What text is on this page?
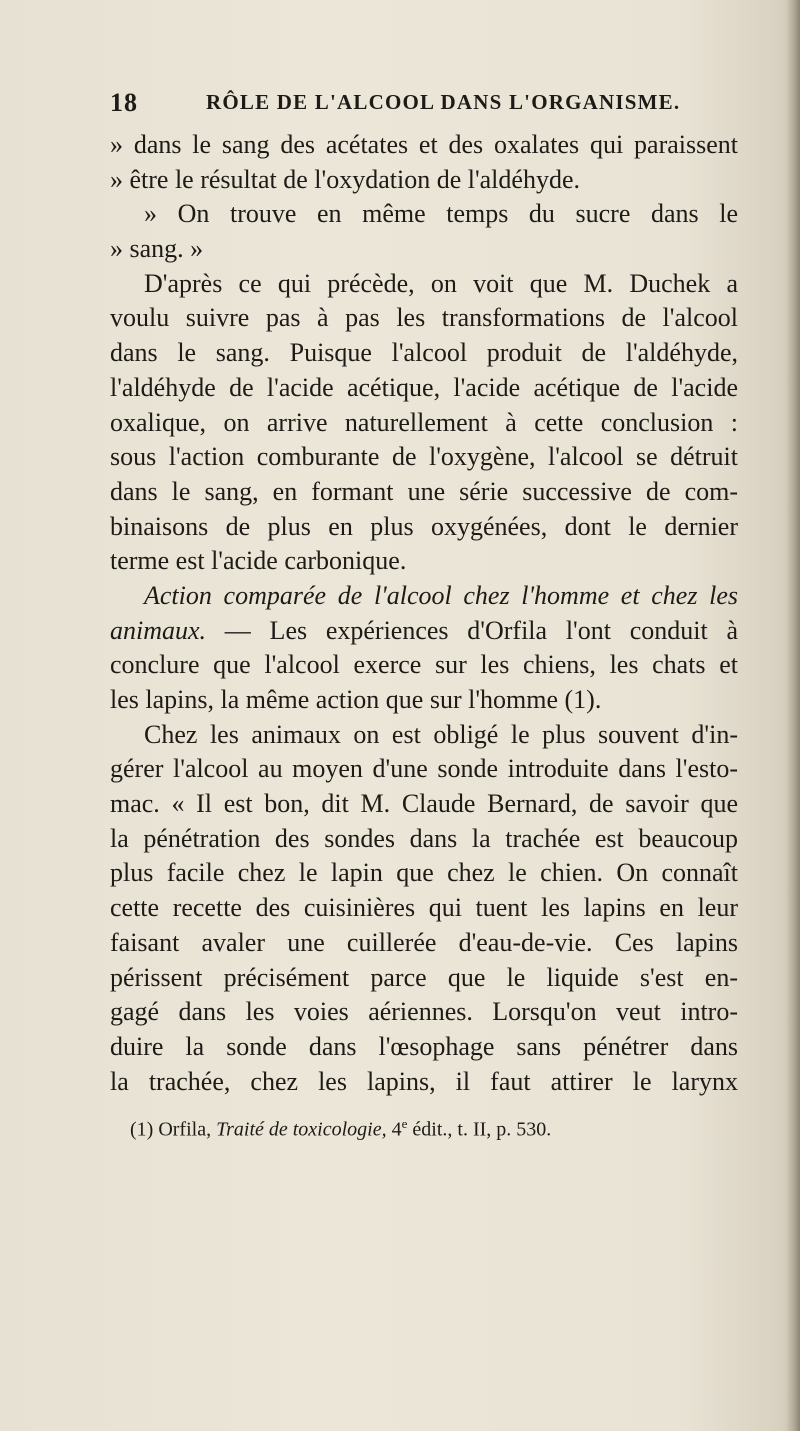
18	RÔLE DE L'ALCOOL DANS L'ORGANISME.
» dans le sang des acétates et des oxalates qui paraissent
» être le résultat de l'oxydation de l'aldéhyde.
» On trouve en même temps du sucre dans le
» sang. »
D'après ce qui précède, on voit que M. Duchek a
voulu suivre pas à pas les transformations de l'alcool
dans le sang. Puisque l'alcool produit de l'aldéhyde,
l'aldéhyde de l'acide acétique, l'acide acétique de l'acide
oxalique, on arrive naturellement à cette conclusion :
sous l'action comburante de l'oxygène, l'alcool se détruit
dans le sang, en formant une série successive de com-
binaisons de plus en plus oxygénées, dont le dernier
terme est l'acide carbonique.
Action comparée de l'alcool chez l'homme et chez les
animaux. — Les expériences d'Orfila l'ont conduit à
conclure que l'alcool exerce sur les chiens, les chats et
les lapins, la même action que sur l'homme (1).
Chez les animaux on est obligé le plus souvent d'in-
gérer l'alcool au moyen d'une sonde introduite dans l'esto-
mac. « Il est bon, dit M. Claude Bernard, de savoir que
la pénétration des sondes dans la trachée est beaucoup
plus facile chez le lapin que chez le chien. On connaît
cette recette des cuisinières qui tuent les lapins en leur
faisant avaler une cuillerée d'eau-de-vie. Ces lapins
périssent précisément parce que le liquide s'est en-
gagé dans les voies aériennes. Lorsqu'on veut intro-
duire la sonde dans l'œsophage sans pénétrer dans
la trachée, chez les lapins, il faut attirer le larynx
(1) Orfila, Traité de toxicologie, 4e édit., t. II, p. 530.
